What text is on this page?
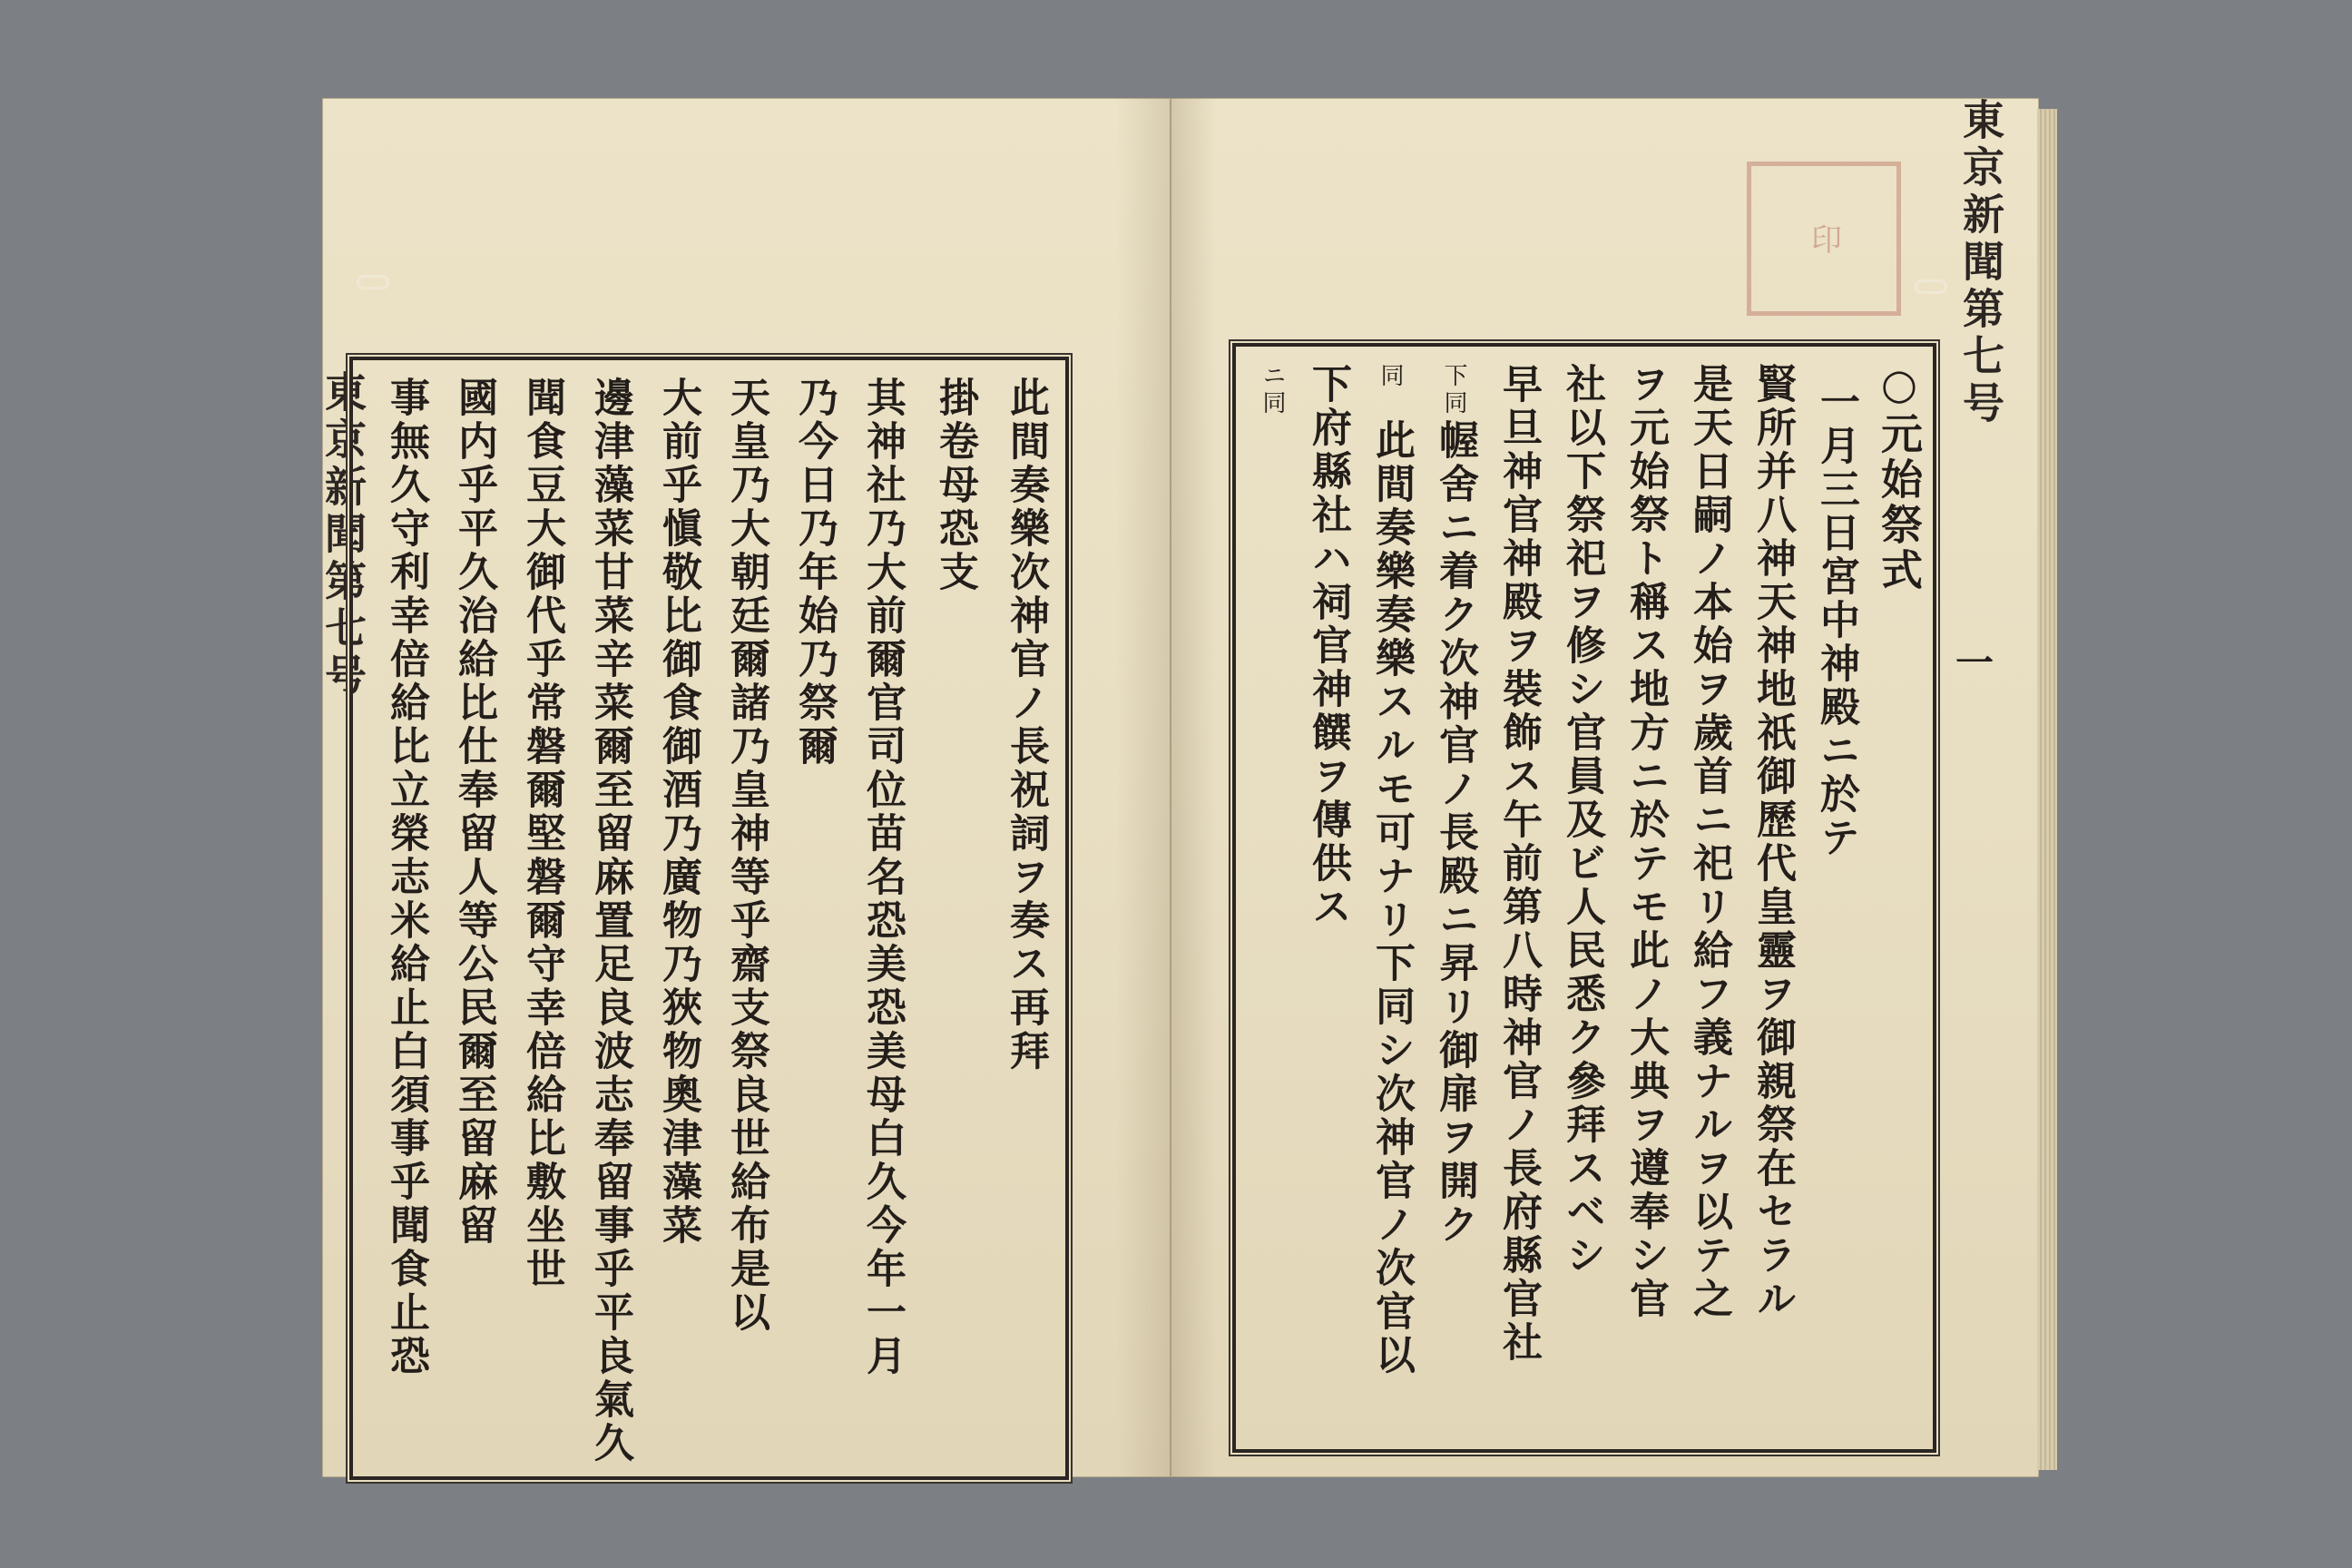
東京新聞第七号	此間奏樂次神官ノ長祝詞ヲ奏ス再拜
掛卷母恐支
其神社乃大前爾官司位苗名恐美恐美母白久今年一月
乃今日乃年始乃祭爾
天皇乃大朝廷爾諸乃皇神等乎齋支祭良世給布是以
大前乎愼敬比御食御酒乃廣物乃狹物奧津藻菜
邊津藻菜甘菜辛菜爾至留麻置足良波志奉留事乎平良氣久
聞食豆大御代乎常磐爾堅磐爾守幸倍給比敷坐世
國内乎平久治給比仕奉留人等公民爾至留麻留
事無久守利幸倍給比立榮志米給止白須事乎聞食止恐
東京新聞第七号
一
○元始祭式
一月三日宮中神殿ニ於テ
賢所并八神天神地祇御歷代皇靈ヲ御親祭在セラル
是天日嗣ノ本始ヲ歲首ニ祀リ給フ義ナルヲ以テ之
ヲ元始祭ト稱ス地方ニ於テモ此ノ大典ヲ遵奉シ官
社以下祭祀ヲ修シ官員及ビ人民悉ク參拜スベシ
早旦神官神殿ヲ裝飾ス午前第八時神官ノ長府縣官社
下同
幄舍ニ着ク次神官ノ長殿ニ昇リ御扉ヲ開ク
同
此間奏樂奏樂スルモ可ナリ下同シ次神官ノ次官以
下府縣社ハ祠官神饌ヲ傳供ス
ニ同
印
